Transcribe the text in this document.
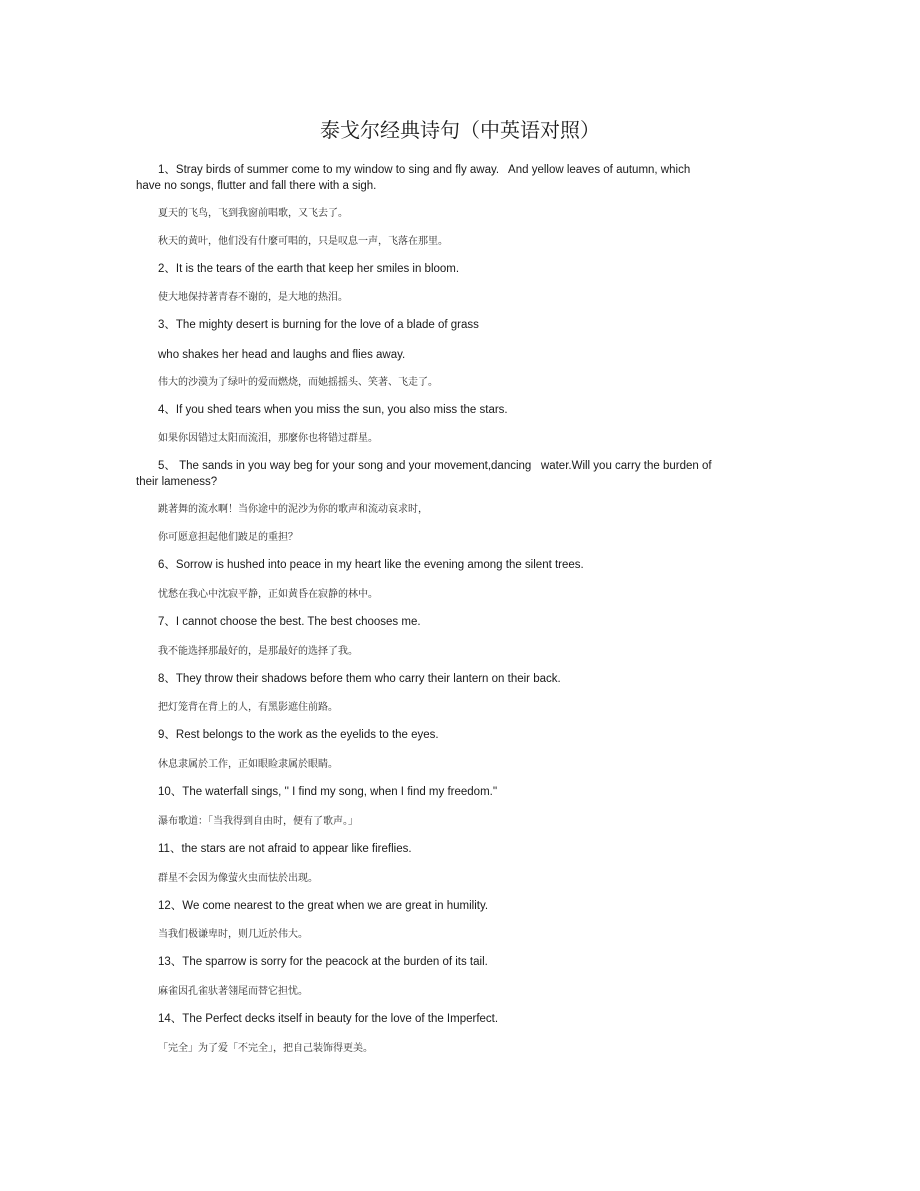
泰戈尔经典诗句（中英语对照）
1、Stray birds of summer come to my window to sing and fly away.   And yellow leaves of autumn, which
have no songs, flutter and fall there with a sigh.
夏天的飞鸟，飞到我窗前唱歌，又飞去了。
秋天的黄叶，他们没有什麼可唱的，只是叹息一声，飞落在那里。
2、It is the tears of the earth that keep her smiles in bloom.
使大地保持著青春不谢的，是大地的热泪。
3、The mighty desert is burning for the love of a blade of grass
who shakes her head and laughs and flies away.
伟大的沙漠为了绿叶的爱而燃烧，而她摇摇头、笑著、飞走了。
4、If you shed tears when you miss the sun, you also miss the stars.
如果你因错过太阳而流泪，那麼你也将错过群星。
5、 The sands in you way beg for your song and your movement,dancing   water.Will you carry the burden of
their lameness?
跳著舞的流水啊！当你途中的泥沙为你的歌声和流动哀求时，
你可愿意担起他们跛足的重担？
6、Sorrow is hushed into peace in my heart like the evening among the silent trees.
忧愁在我心中沈寂平静，正如黄昏在寂静的林中。
7、I cannot choose the best. The best chooses me.
我不能选择那最好的，是那最好的选择了我。
8、They throw their shadows before them who carry their lantern on their back.
把灯笼背在背上的人，有黑影遮住前路。
9、Rest belongs to the work as the eyelids to the eyes.
休息隶属於工作，正如眼睑隶属於眼睛。
10、The waterfall sings, '' I find my song, when I find my freedom.''
瀑布歌道：「当我得到自由时，便有了歌声。」
11、the stars are not afraid to appear like fireflies.
群星不会因为像萤火虫而怯於出现。
12、We come nearest to the great when we are great in humility.
当我们极谦卑时，则几近於伟大。
13、The sparrow is sorry for the peacock at the burden of its tail.
麻雀因孔雀驮著翎尾而替它担忧。
14、The Perfect decks itself in beauty for the love of the Imperfect.
「完全」为了爱「不完全」，把自己装饰得更美。
